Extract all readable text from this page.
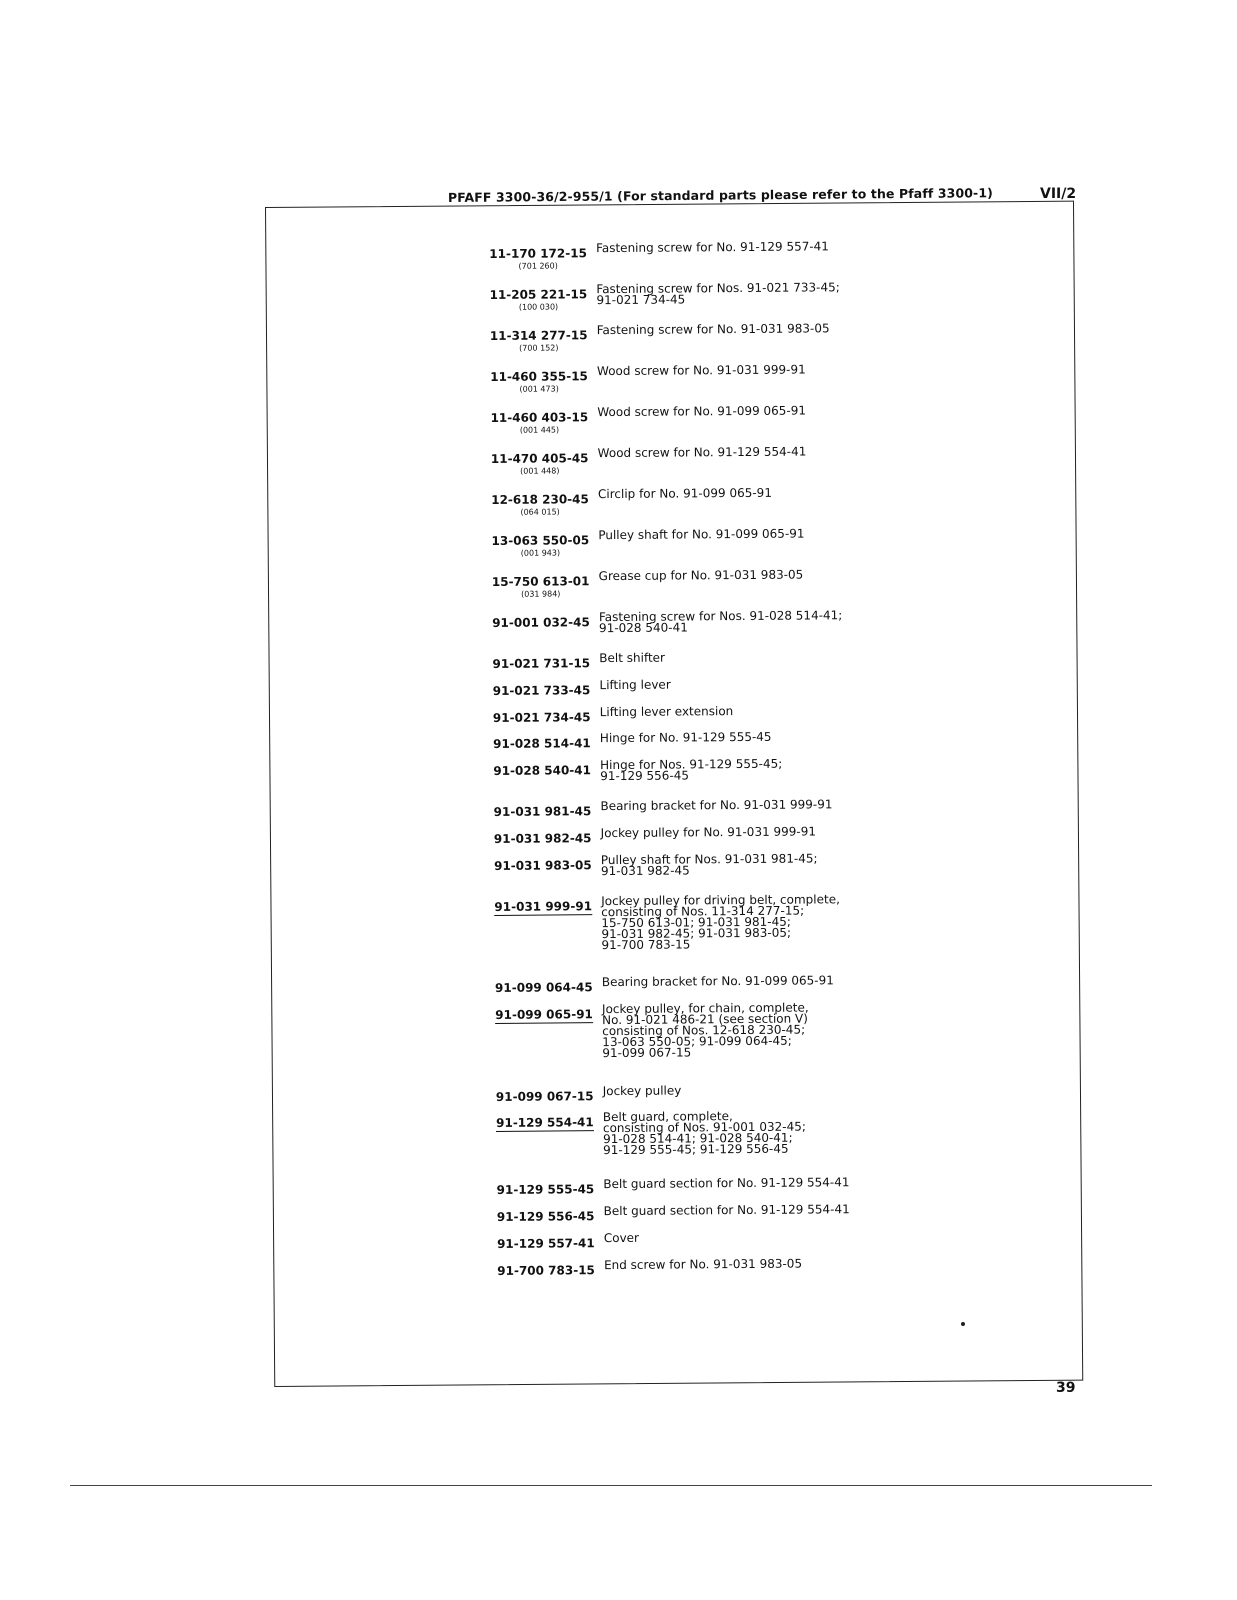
PFAFF 3300-36/2-955/1 (For standard parts please refer to the Pfaff 3300-1)	VII/2
11-170 172-15
(701 260)
Fastening screw for No. 91-129 557-41
11-205 221-15
(100 030)
Fastening screw for Nos. 91-021 733-45;
91-021 734-45
11-314 277-15
(700 152)
Fastening screw for No. 91-031 983-05
11-460 355-15
(001 473)
Wood screw for No. 91-031 999-91
11-460 403-15
(001 445)
Wood screw for No. 91-099 065-91
11-470 405-45
(001 448)
Wood screw for No. 91-129 554-41
12-618 230-45
(064 015)
Circlip for No. 91-099 065-91
13-063 550-05
(001 943)
Pulley shaft for No. 91-099 065-91
15-750 613-01
(031 984)
Grease cup for No. 91-031 983-05
91-001 032-45 Fastening screw for Nos. 91-028 514-41;
91-028 540-41
91-021 731-15 Belt shifter
91-021 733-45 Lifting lever
91-021 734-45 Lifting lever extension
91-028 514-41 Hinge for No. 91-129 555-45
91-028 540-41 Hinge for Nos. 91-129 555-45;
91-129 556-45
91-031 981-45 Bearing bracket for No. 91-031 999-91
91-031 982-45 Jockey pulley for No. 91-031 999-91
91-031 983-05 Pulley shaft for Nos. 91-031 981-45;
91-031 982-45
91-031 999-91 Jockey pulley for driving belt, complete,
consisting of Nos. 11-314 277-15;
15-750 613-01; 91-031 981-45;
91-031 982-45; 91-031 983-05;
91-700 783-15
91-099 064-45 Bearing bracket for No. 91-099 065-91
91-099 065-91 Jockey pulley, for chain, complete,
No. 91-021 486-21 (see section V)
consisting of Nos. 12-618 230-45;
13-063 550-05; 91-099 064-45;
91-099 067-15
91-099 067-15 Jockey pulley
91-129 554-41 Belt guard, complete,
consisting of Nos. 91-001 032-45;
91-028 514-41; 91-028 540-41;
91-129 555-45; 91-129 556-45
91-129 555-45 Belt guard section for No. 91-129 554-41
91-129 556-45 Belt guard section for No. 91-129 554-41
91-129 557-41 Cover
91-700 783-15 End screw for No. 91-031 983-05
39
